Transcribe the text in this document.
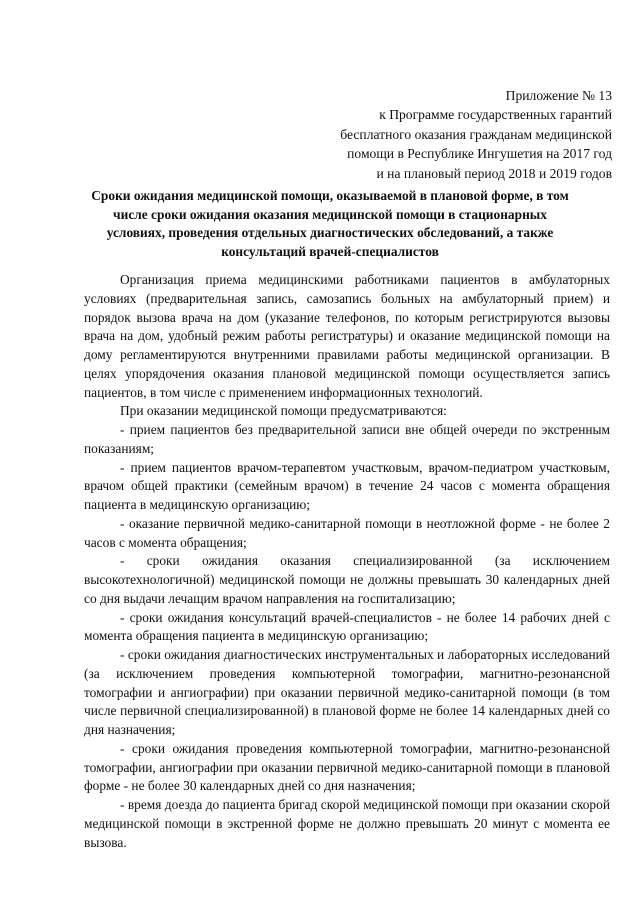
Приложение № 13
к Программе государственных гарантий
бесплатного оказания гражданам медицинской
помощи в Республике Ингушетия на 2017 год
и на плановый период 2018 и 2019 годов
Сроки ожидания медицинской помощи, оказываемой в плановой форме, в том
числе сроки ожидания оказания медицинской помощи в стационарных
условиях, проведения отдельных диагностических обследований, а также
консультаций врачей-специалистов

Организация приема медицинскими работниками пациентов в амбулаторных условиях (предварительная запись, самозапись больных на амбулаторный прием) и порядок вызова врача на дом (указание телефонов, по которым регистрируются вызовы врача на дом, удобный режим работы регистратуры) и оказание медицинской помощи на дому регламентируются внутренними правилами работы медицинской организации. В целях упорядочения оказания плановой медицинской помощи осуществляется запись пациентов, в том числе с применением информационных технологий.

При оказании медицинской помощи предусматриваются:

- прием пациентов без предварительной записи вне общей очереди по экстренным показаниям;

- прием пациентов врачом-терапевтом участковым, врачом-педиатром участковым, врачом общей практики (семейным врачом) в течение 24 часов с момента обращения пациента в медицинскую организацию;

- оказание первичной медико-санитарной помощи в неотложной форме - не более 2 часов с момента обращения;

- сроки ожидания оказания специализированной (за исключением высокотехнологичной) медицинской помощи не должны превышать 30 календарных дней со дня выдачи лечащим врачом направления на госпитализацию;

- сроки ожидания консультаций врачей-специалистов - не более 14 рабочих дней с момента обращения пациента в медицинскую организацию;

- сроки ожидания диагностических инструментальных и лабораторных исследований (за исключением проведения компьютерной томографии, магнитно-резонансной томографии и ангиографии) при оказании первичной медико-санитарной помощи (в том числе первичной специализированной) в плановой форме не более 14 календарных дней со дня назначения;

- сроки ожидания проведения компьютерной томографии, магнитно-резонансной томографии, ангиографии при оказании первичной медико-санитарной помощи в плановой форме - не более 30 календарных дней со дня назначения;

- время доезда до пациента бригад скорой медицинской помощи при оказании скорой медицинской помощи в экстренной форме не должно превышать 20 минут с момента ее вызова.
